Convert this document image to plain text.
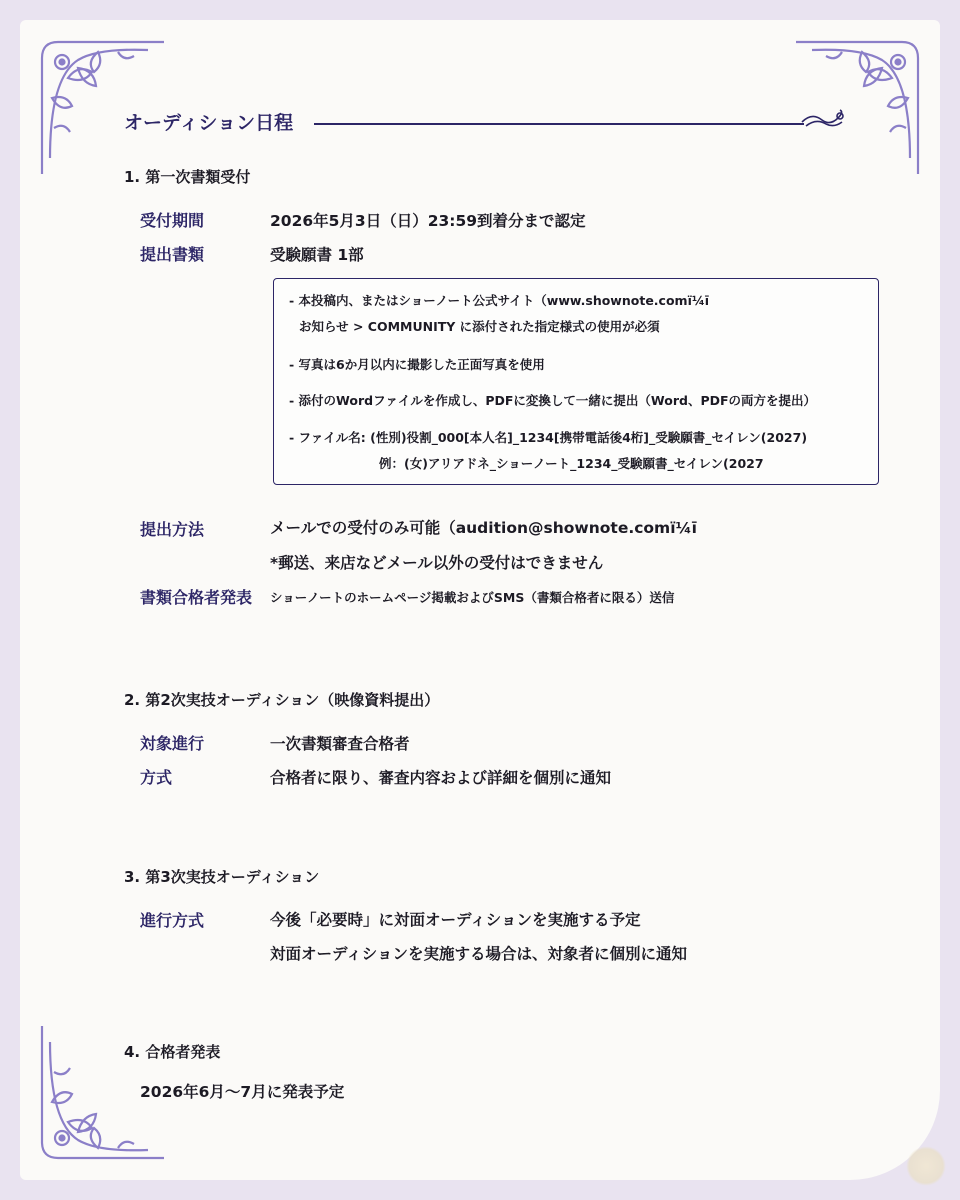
オーディション日程
1. 第一次書類受付
受付期間	2026年5月3日（日）23:59到着分まで認定
提出書類	受験願書 1部
- 本投稿内、またはショーノート公式サイト（www.shownote.comï¼ī
お知らせ > COMMUNITY に添付された指定様式の使用が必須
- 写真は6か月以内に撮影した正面写真を使用
- 添付のWordファイルを作成し、PDFに変換して一緒に提出（Word、PDFの両方を提出）
- ファイル名: (性別)役割_000[本人名]_1234[携帯電話後4桁]_受験願書_セイレン(2027)
例：(女)アリアドネ_ショーノート_1234_受験願書_セイレン(2027
提出方法	メールでの受付のみ可能（audition@shownote.comï¼ī
*郵送、来店などメール以外の受付はできません
書類合格者発表 ショーノートのホームページ掲載およびSMS（書類合格者に限る）送信
2. 第2次実技オーディション（映像資料提出）
対象進行	一次書類審査合格者
方式	合格者に限り、審査内容および詳細を個別に通知
3. 第3次実技オーディション
進行方式	今後「必要時」に対面オーディションを実施する予定
対面オーディションを実施する場合は、対象者に個別に通知
4. 合格者発表
2026年6月～7月に発表予定
